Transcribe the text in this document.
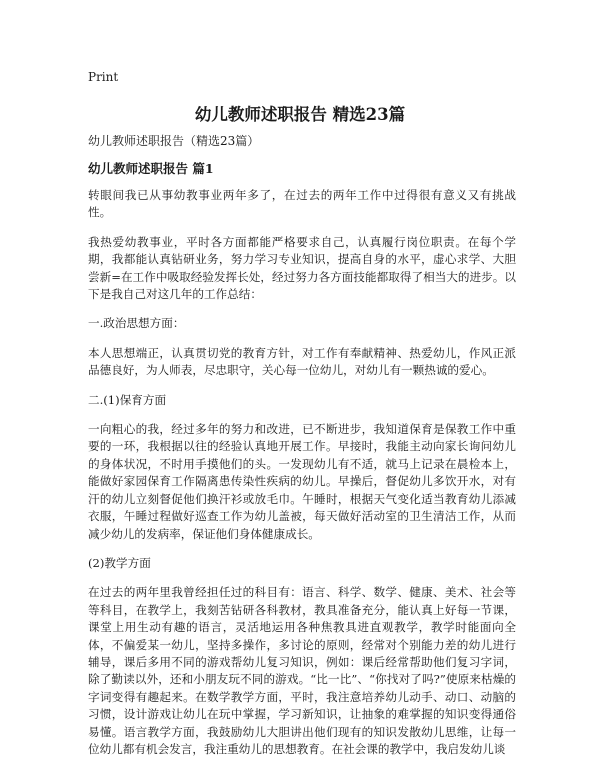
Print
幼儿教师述职报告 精选23篇

幼儿教师述职报告（精选23篇）

幼儿教师述职报告 篇1

转眼间我已从事幼教事业两年多了，在过去的两年工作中过得很有意义又有挑战性。

我热爱幼教事业，平时各方面都能严格要求自己，认真履行岗位职责。在每个学期，我都能认真钻研业务，努力学习专业知识，提高自身的水平，虚心求学、大胆尝新=在工作中吸取经验发挥长处，经过努力各方面技能都取得了相当大的进步。以下是我自己对这几年的工作总结：

一.政治思想方面：

本人思想端正，认真贯切党的教育方针，对工作有奉献精神、热爱幼儿，作风正派品德良好，为人师表，尽忠职守，关心每一位幼儿，对幼儿有一颗热诚的爱心。

二.(1)保育方面

一向粗心的我，经过多年的努力和改进，已不断进步，我知道保育是保教工作中重要的一环，我根据以往的经验认真地开展工作。早接时，我能主动向家长询问幼儿的身体状况，不时用手摸他们的头。一发现幼儿有不适，就马上记录在晨检本上，能做好家园保育工作隔离患传染性疾病的幼儿。早操后，督促幼儿多饮开水，对有汗的幼儿立刻督促他们换汗衫或放毛巾。午睡时，根据天气变化适当教育幼儿添减衣服，午睡过程做好巡查工作为幼儿盖被，每天做好活动室的卫生清洁工作，从而减少幼儿的发病率，保证他们身体健康成长。

(2)教学方面

在过去的两年里我曾经担任过的科目有：语言、科学、数学、健康、美术、社会等等科目，在教学上，我刻苦钻研各科教材，教具准备充分，能认真上好每一节课，课堂上用生动有趣的语言，灵活地运用各种焦教具进直观教学，教学时能面向全体，不偏爱某一幼儿，坚持多操作，多讨论的原则，经常对个别能力差的幼儿进行辅导，课后多用不同的游戏帮幼儿复习知识，例如：课后经常帮助他们复习字词，除了勤读以外，还和小朋友玩不同的游戏。“比一比”、“你找对了吗?”使原来枯燥的字词变得有趣起来。在数学教学方面，平时，我注意培养幼儿动手、动口、动脑的习惯，设计游戏让幼儿在玩中掌握，学习新知识，让抽象的难掌握的知识变得通俗易懂。语言教学方面，我鼓励幼儿大胆讲出他们现有的知识发散幼儿思维，让每一位幼儿都有机会发言，我注重幼儿的思想教育。在社会课的教学中，我启发幼儿谈
